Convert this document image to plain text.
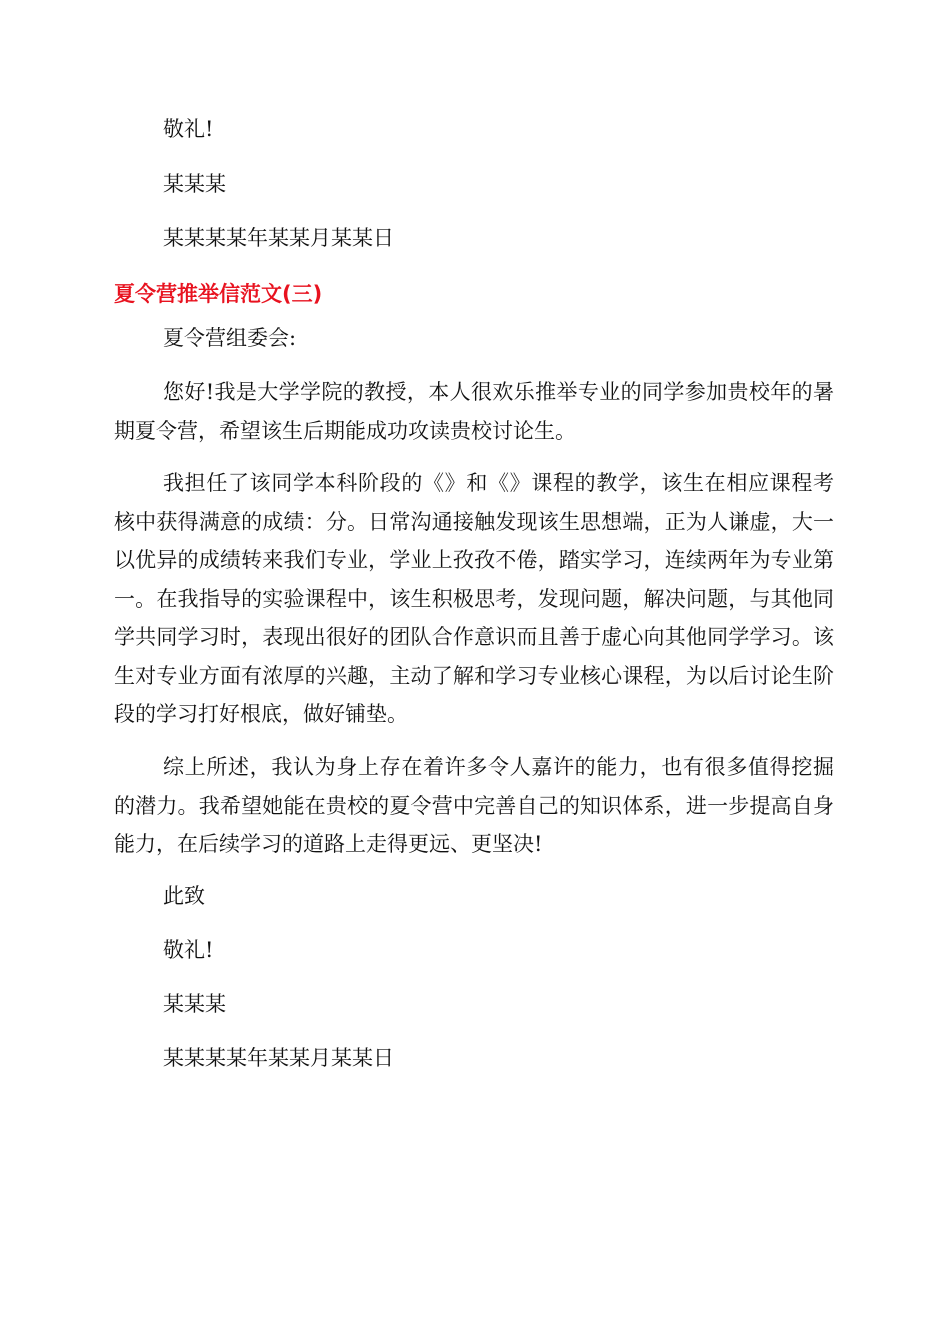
敬礼!
某某某
某某某某年某某月某某日
夏令营推举信范文(三)
夏令营组委会:

您好!我是大学学院的教授，本人很欢乐推举专业的同学参加贵校年的暑期夏令营，希望该生后期能成功攻读贵校讨论生。

我担任了该同学本科阶段的《》和《》课程的教学，该生在相应课程考核中获得满意的成绩：分。日常沟通接触发现该生思想端，正为人谦虚，大一以优异的成绩转来我们专业，学业上孜孜不倦，踏实学习，连续两年为专业第一。在我指导的实验课程中，该生积极思考，发现问题，解决问题，与其他同学共同学习时，表现出很好的团队合作意识而且善于虚心向其他同学学习。该生对专业方面有浓厚的兴趣，主动了解和学习专业核心课程，为以后讨论生阶段的学习打好根底，做好铺垫。

综上所述，我认为身上存在着许多令人嘉许的能力，也有很多值得挖掘的潜力。我希望她能在贵校的夏令营中完善自己的知识体系，进一步提高自身能力，在后续学习的道路上走得更远、更坚决!

此致
敬礼!
某某某
某某某某年某某月某某日
